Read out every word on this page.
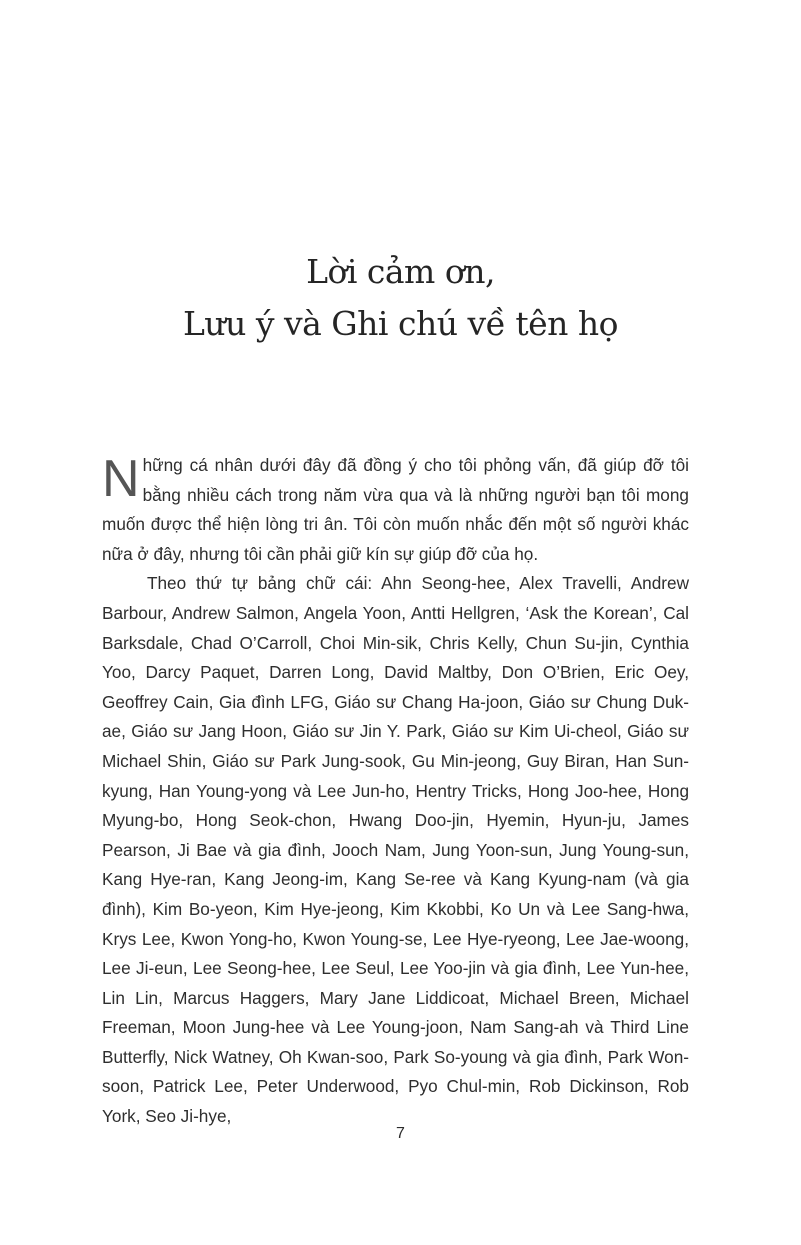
Lời cảm ơn,
Lưu ý và Ghi chú về tên họ

Những cá nhân dưới đây đã đồng ý cho tôi phỏng vấn, đã giúp đỡ tôi bằng nhiều cách trong năm vừa qua và là những người bạn tôi mong muốn được thể hiện lòng tri ân. Tôi còn muốn nhắc đến một số người khác nữa ở đây, nhưng tôi cần phải giữ kín sự giúp đỡ của họ.

Theo thứ tự bảng chữ cái: Ahn Seong-hee, Alex Travelli, Andrew Barbour, Andrew Salmon, Angela Yoon, Antti Hellgren, ‘Ask the Korean’, Cal Barksdale, Chad O’Carroll, Choi Min-sik, Chris Kelly, Chun Su-jin, Cynthia Yoo, Darcy Paquet, Darren Long, David Maltby, Don O’Brien, Eric Oey, Geoffrey Cain, Gia đình LFG, Giáo sư Chang Ha-joon, Giáo sư Chung Duk-ae, Giáo sư Jang Hoon, Giáo sư Jin Y. Park, Giáo sư Kim Ui-cheol, Giáo sư Michael Shin, Giáo sư Park Jung-sook, Gu Min-jeong, Guy Biran, Han Sun-kyung, Han Young-yong và Lee Jun-ho, Hentry Tricks, Hong Joo-hee, Hong Myung-bo, Hong Seok-chon, Hwang Doo-jin, Hyemin, Hyun-ju, James Pearson, Ji Bae và gia đình, Jooch Nam, Jung Yoon-sun, Jung Young-sun, Kang Hye-ran, Kang Jeong-im, Kang Se-ree và Kang Kyung-nam (và gia đình), Kim Bo-yeon, Kim Hye-jeong, Kim Kkobbi, Ko Un và Lee Sang-hwa, Krys Lee, Kwon Yong-ho, Kwon Young-se, Lee Hye-ryeong, Lee Jae-woong, Lee Ji-eun, Lee Seong-hee, Lee Seul, Lee Yoo-jin và gia đình, Lee Yun-hee, Lin Lin, Marcus Haggers, Mary Jane Liddicoat, Michael Breen, Michael Freeman, Moon Jung-hee và Lee Young-joon, Nam Sang-ah và Third Line Butterfly, Nick Watney, Oh Kwan-soo, Park So-young và gia đình, Park Won-soon, Patrick Lee, Peter Underwood, Pyo Chul-min, Rob Dickinson, Rob York, Seo Ji-hye,

7
